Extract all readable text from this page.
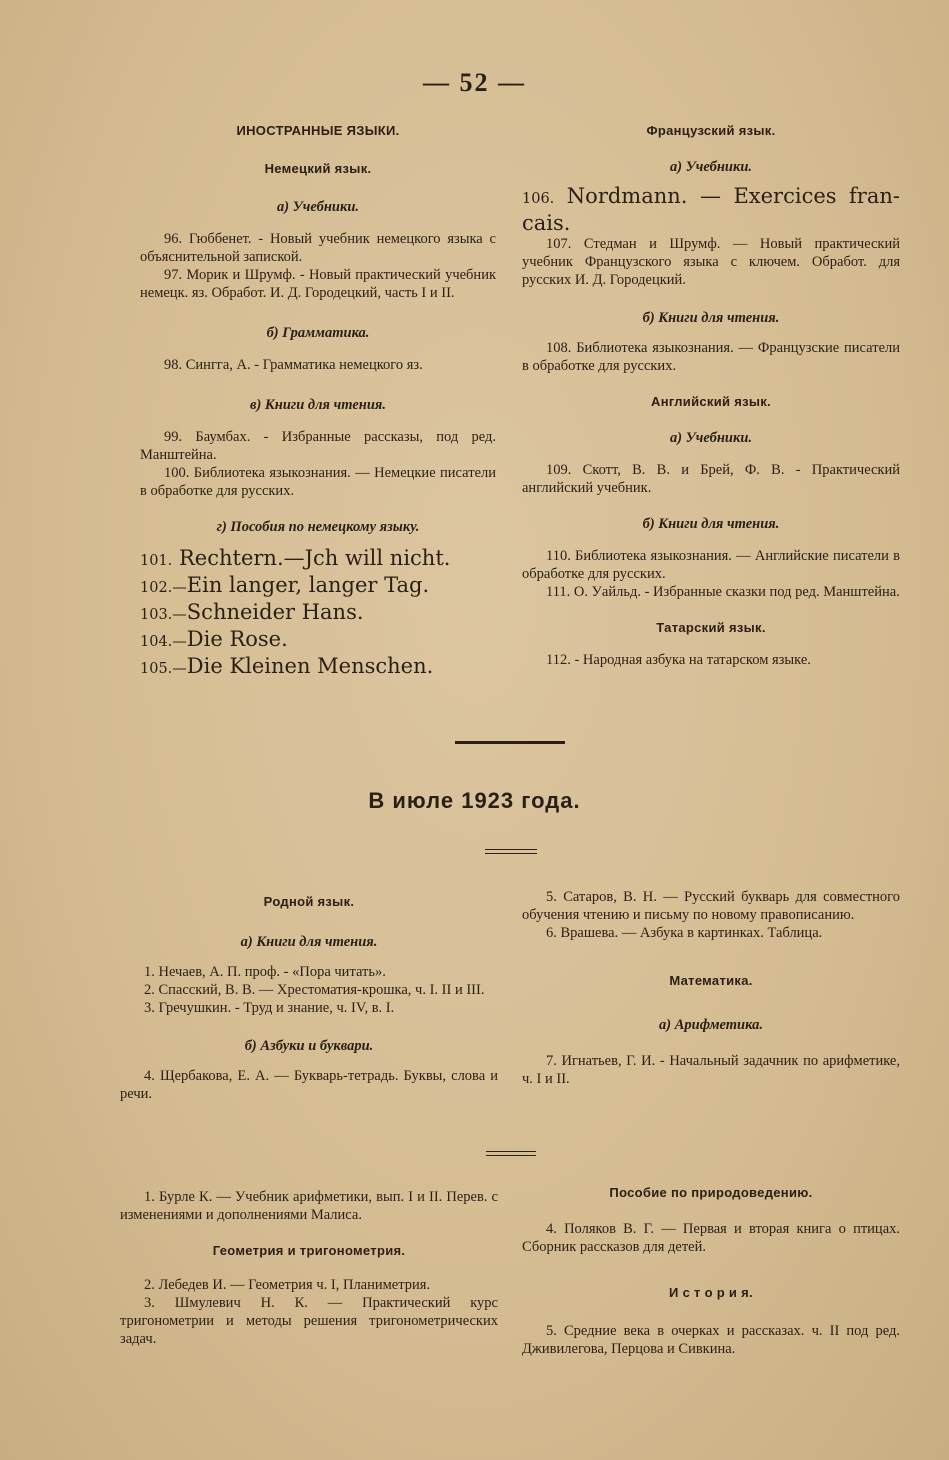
— 52 —
ИНОСТРАННЫЕ ЯЗЫКИ.
Немецкий язык.
а) Учебники.

96. Гюббенет. - Новый учебник немецкого языка с объяснительной запиской.

97. Морик и Шрумф. - Новый практический учебник немецк. яз. Обработ. И. Д. Городецкий, часть I и II.

б) Грамматика.

98. Сингга, А. - Грамматика немецкого яз.

в) Книги для чтения.

99. Баумбах. - Избранные рассказы, под ред. Манштейна.

100. Библиотека языкознания. — Немецкие писатели в обработке для русских.

г) Пособия по немецкому языку.
101. Rechtern.—Jch will nicht.
102.—Ein langer, langer Tag.
103.—Schneider Hans.
104.—Die Rose.
105.—Die Kleinen Menschen.
Французский язык.
а) Учебники.
106. Nordmann. — Exercices fran- cais.

107. Стедман и Шрумф. — Новый практический учебник Французского языка с ключем. Обработ. для русских И. Д. Городецкий.

б) Книги для чтения.

108. Библиотека языкознания. — Французские писатели в обработке для русских.

Английский язык.
а) Учебники.

109. Скотт, В. В. и Брей, Ф. В. - Практический английский учебник.

б) Книги для чтения.

110. Библиотека языкознания. — Английские писатели в обработке для русских.

111. О. Уайльд. - Избранные сказки под ред. Манштейна.

Татарский язык.

112. - Народная азбука на татарском языке.

В июле 1923 года.
Родной язык.
а) Книги для чтения.

1. Нечаев, А. П. проф. - «Пора читать».

2. Спасский, В. В. — Хрестоматия-крошка, ч. I. II и III.

3. Гречушкин. - Труд и знание, ч. IV, в. I.

б) Азбуки и буквари.

4. Щербакова, Е. А. — Букварь-тетрадь. Буквы, слова и речи.

5. Сатаров, В. Н. — Русский букварь для совместного обучения чтению и письму по новому правописанию.

6. Врашева. — Азбука в картинках. Таблица.

Математика.
а) Арифметика.

7. Игнатьев, Г. И. - Начальный задачник по арифметике, ч. I и II.

1. Бурле К. — Учебник арифметики, вып. I и II. Перев. с изменениями и дополнениями Малиса.

Геометрия и тригонометрия.

2. Лебедев И. — Геометрия ч. I, Планиметрия.

3. Шмулевич Н. К. — Практический курс тригонометрии и методы решения тригонометрических задач.

Пособие по природоведению.

4. Поляков В. Г. — Первая и вторая книга о птицах. Сборник рассказов для детей.

И с т о р и я.

5. Средние века в очерках и рассказах. ч. II под ред. Дживилегова, Перцова и Сивкина.
